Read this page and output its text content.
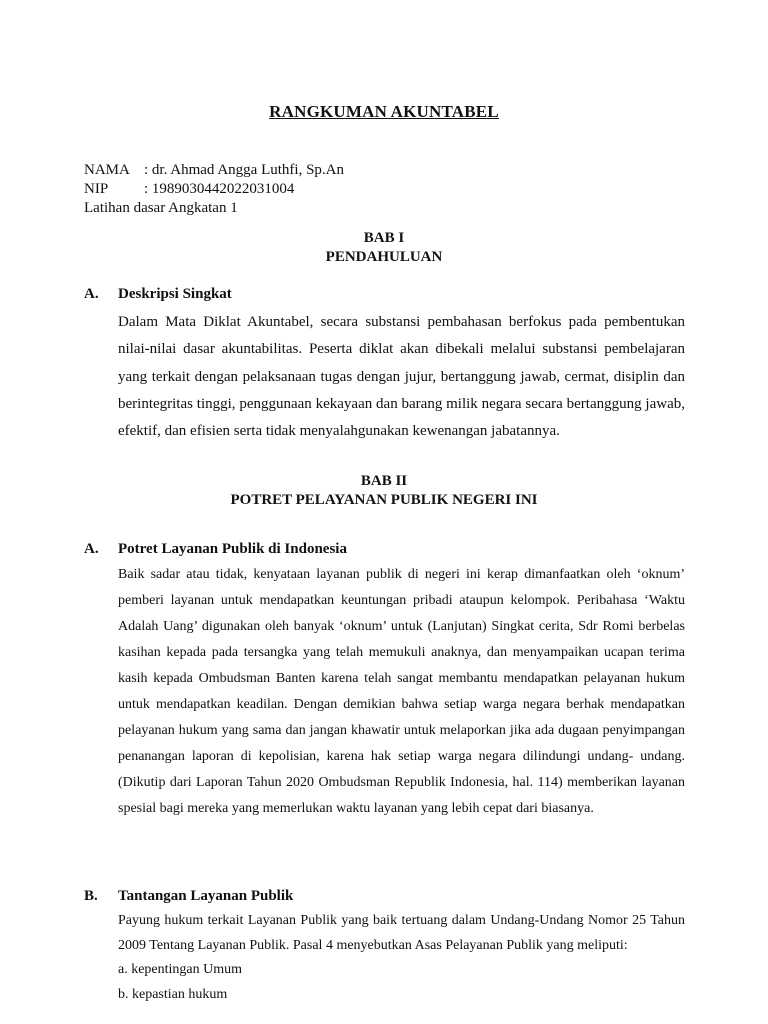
RANGKUMAN AKUNTABEL
NAMA : dr. Ahmad Angga Luthfi, Sp.An
NIP : 198903044202203100​4
Latihan dasar Angkatan 1
BAB I
PENDAHULUAN
A. Deskripsi Singkat
Dalam Mata Diklat Akuntabel, secara substansi pembahasan berfokus pada pembentukan nilai-nilai dasar akuntabilitas. Peserta diklat akan dibekali melalui substansi pembelajaran yang terkait dengan pelaksanaan tugas dengan jujur, bertanggung jawab, cermat, disiplin dan berintegritas tinggi, penggunaan kekayaan dan barang milik negara secara bertanggung jawab, efektif, dan efisien serta tidak menyalahgunakan kewenangan jabatannya.
BAB II
POTRET PELAYANAN PUBLIK NEGERI INI
A. Potret Layanan Publik di Indonesia
Baik sadar atau tidak, kenyataan layanan publik di negeri ini kerap dimanfaatkan oleh ‘oknum’ pemberi layanan untuk mendapatkan keuntungan pribadi ataupun kelompok. Peribahasa ‘Waktu Adalah Uang’ digunakan oleh banyak ‘oknum’ untuk (Lanjutan) Singkat cerita, Sdr Romi berbelas kasihan kepada pada tersangka yang telah memukuli anaknya, dan menyampaikan ucapan terima kasih kepada Ombudsman Banten karena telah sangat membantu mendapatkan pelayanan hukum untuk mendapatkan keadilan. Dengan demikian bahwa setiap warga negara berhak mendapatkan pelayanan hukum yang sama dan jangan khawatir untuk melaporkan jika ada dugaan penyimpangan penanangan laporan di kepolisian, karena hak setiap warga negara dilindungi undang- undang. (Dikutip dari Laporan Tahun 2020 Ombudsman Republik Indonesia, hal. 114) memberikan layanan spesial bagi mereka yang memerlukan waktu layanan yang lebih cepat dari biasanya.
B. Tantangan Layanan Publik
Payung hukum terkait Layanan Publik yang baik tertuang dalam Undang-Undang Nomor 25 Tahun 2009 Tentang Layanan Publik. Pasal 4 menyebutkan Asas Pelayanan Publik yang meliputi:
a. kepentingan Umum
b. kepastian hukum
